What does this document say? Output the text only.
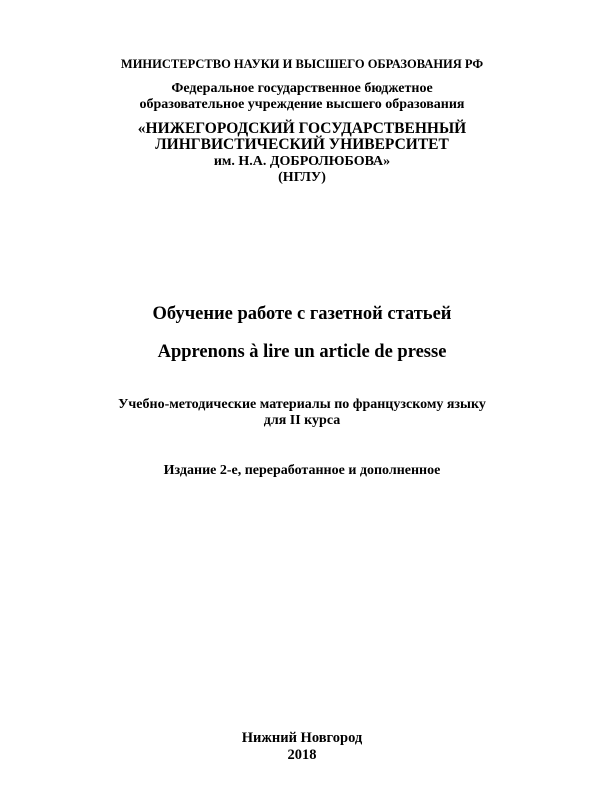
МИНИСТЕРСТВО НАУКИ И ВЫСШЕГО ОБРАЗОВАНИЯ РФ
Федеральное государственное бюджетное
образовательное учреждение высшего образования
«НИЖЕГОРОДСКИЙ ГОСУДАРСТВЕННЫЙ
ЛИНГВИСТИЧЕСКИЙ УНИВЕРСИТЕТ
им. Н.А. ДОБРОЛЮБОВА»
(НГЛУ)
Обучение работе с газетной статьей
Apprenons à lire un article de presse
Учебно-методические материалы по французскому языку
для II курса
Издание 2-е, переработанное и дополненное
Нижний Новгород
2018
